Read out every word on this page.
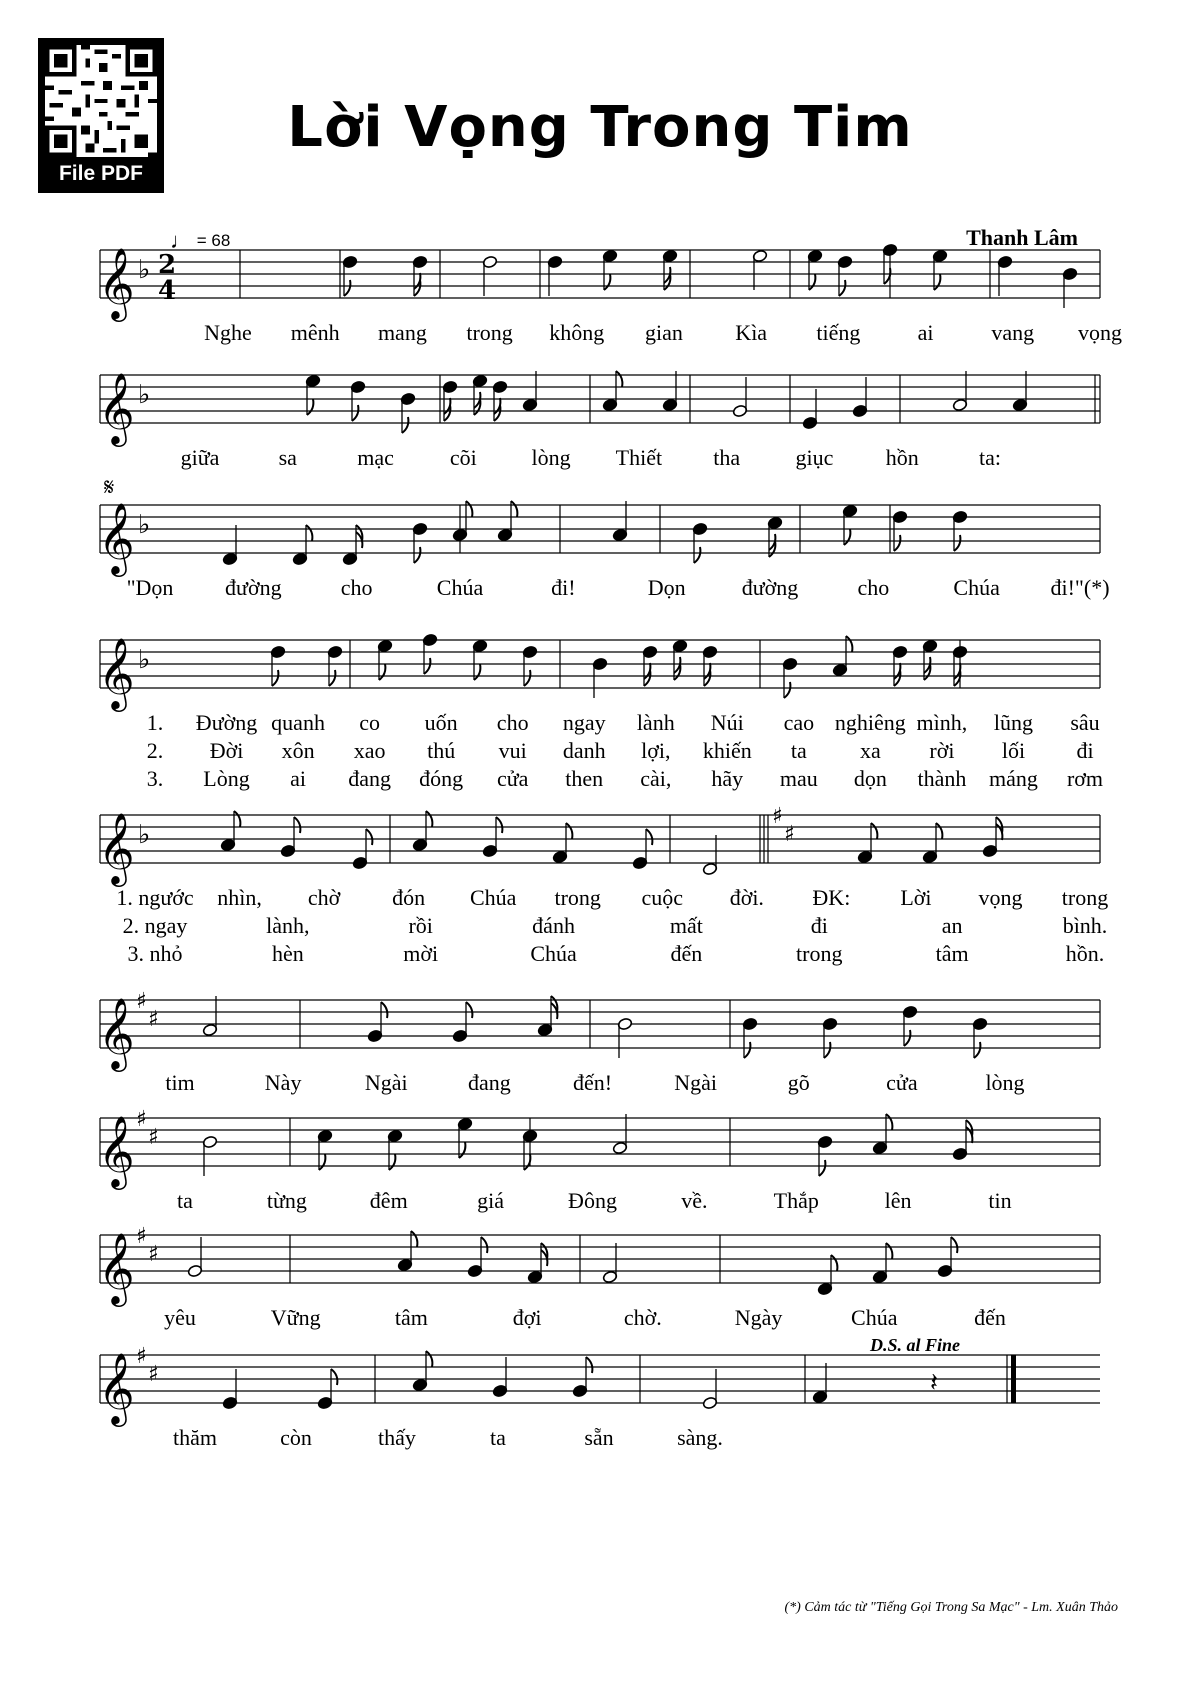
File PDF
Lời Vọng Trong Tim
♩ = 68	Thanh Lâm
𝄞 ♭ 2
4
Nghe mênh mang trong không gian Kìa tiếng	ai	vang vọng
𝄞 ♭
giữa	sa	mạc	cõi lòng Thiết tha	giục hồn	ta:
𝄞 ♭
𝄋
"Dọn đường	cho	Chúa	đi!	Dọn	đường	cho	Chúa đi!"(*)
𝄞 ♭
1. Đường quanh co uốn cho ngay lành Núi cao nghiêng mình, lũng sâu
2. Đời xôn xao thú vui danh lợi, khiến ta xa rời lối đi
3. Lòng ai đang đóng cửa then cài, hãy mau dọn thành máng rơm
𝄞 ♭
♯
♯
1. ngước nhìn, chờ đón Chúa trong cuộc đời. ĐK: Lời vọng trong
2. ngay	lành,	rồi	đánh	mất	đi	an	bình.
3. nhỏ	hèn	mời	Chúa	đến	trong	tâm	hồn.
𝄞 ♯
♯
tim	Này	Ngài	đang	đến!	Ngài	gõ	cửa	lòng
𝄞 ♯
♯
ta	từng	đêm	giá	Đông	về.	Thắp	lên	tin
𝄞 ♯
♯
yêu	Vững	tâm	đợi	chờ.	Ngày	Chúa	đến
𝄞 ♯
♯	𝄽
thăm	còn	thấy	ta	sẵn	sàng.
D.S. al Fine
(*) Cảm tác từ "Tiếng Gọi Trong Sa Mạc" - Lm. Xuân Thảo
